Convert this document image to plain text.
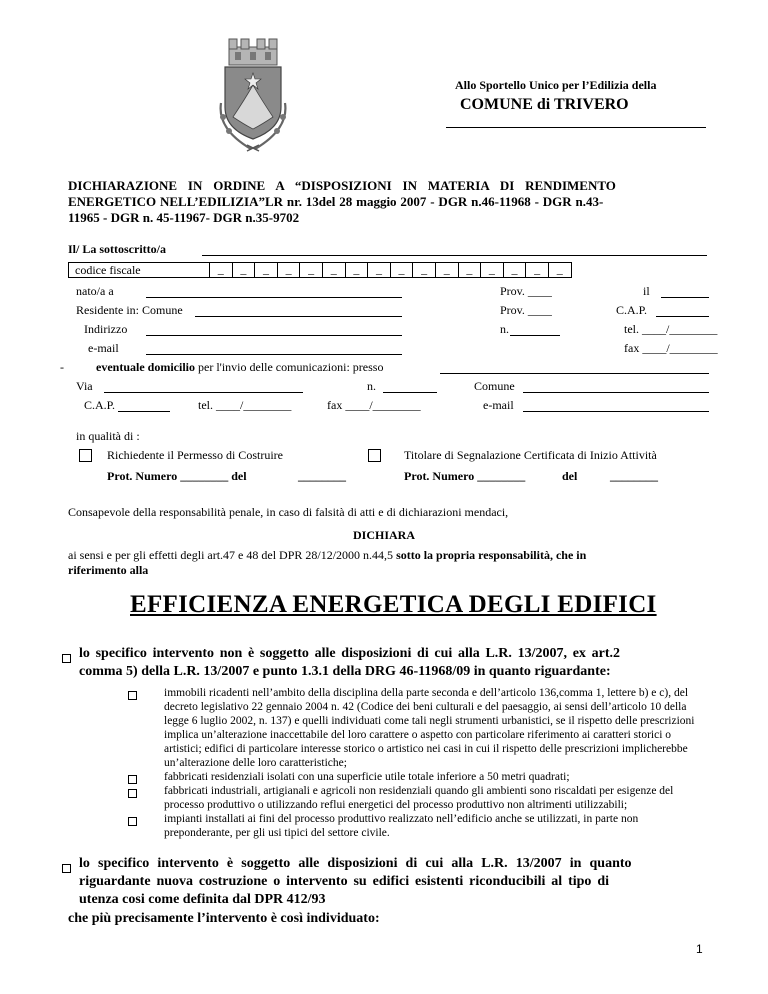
Allo Sportello Unico per l’Edilizia della
COMUNE di TRIVERO
DICHIARAZIONE IN ORDINE A “DISPOSIZIONI IN MATERIA DI RENDIMENTO
ENERGETICO NELL’EDILIZIA”LR nr. 13del 28 maggio 2007 - DGR n.46-11968 - DGR n.43-
11965 - DGR n. 45-11967- DGR n.35-9702
Il/ La sottoscritto/a
codice fiscale	_	_	_	_	_	_	_	_	_	_	_	_	_	_	_	_
nato/a a	Prov. ____	il
Residente in: Comune	Prov. ____	C.A.P.
Indirizzo	n.	tel. ____/________
e-mail	fax ____/________
-	eventuale domicilio per l'invio delle comunicazioni: presso
Via	n.	Comune
C.A.P.	tel. ____/________	fax ____/________	e-mail
in qualità di :
Richiedente il Permesso di Costruire	Titolare di Segnalazione Certificata di Inizio Attività
Prot. Numero ________ del	________	Prot. Numero ________	del	________
Consapevole della responsabilità penale, in caso di falsità di atti e di dichiarazioni mendaci,
DICHIARA
ai sensi e per gli effetti degli art.47 e 48 del DPR 28/12/2000 n.44,5 sotto la propria responsabilità, che in
riferimento alla
EFFICIENZA ENERGETICA DEGLI EDIFICI
lo specifico intervento non è soggetto alle disposizioni di cui alla L.R. 13/2007, ex art.2
comma 5) della L.R. 13/2007 e punto 1.3.1 della DRG 46-11968/09 in quanto riguardante:
immobili ricadenti nell’ambito della disciplina della parte seconda e dell’articolo 136,comma 1, lettere b) e c), del decreto legislativo 22 gennaio 2004 n. 42 (Codice dei beni culturali e del paesaggio, ai sensi dell’articolo 10 della legge 6 luglio 2002, n. 137) e quelli individuati come tali negli strumenti urbanistici, se il rispetto delle prescrizioni implica un’alterazione inaccettabile del loro carattere o aspetto con particolare riferimento ai caratteri storici o artistici; edifici di particolare interesse storico o artistico nei casi in cui il rispetto delle prescrizioni implicherebbe un’alterazione delle loro caratteristiche;
fabbricati residenziali isolati con una superficie utile totale inferiore a 50 metri quadrati;
fabbricati industriali, artigianali e agricoli non residenziali quando gli ambienti sono riscaldati per esigenze del processo produttivo o utilizzando reflui energetici del processo produttivo non altrimenti utilizzabili;
impianti installati ai fini del processo produttivo realizzato nell’edificio anche se utilizzati, in parte non preponderante, per gli usi tipici del settore civile.
lo specifico intervento è soggetto alle disposizioni di cui alla L.R. 13/2007 in quanto
riguardante nuova costruzione o intervento su edifici esistenti riconducibili al tipo di
utenza cosi come definita dal DPR 412/93
che più precisamente l’intervento è così individuato:
1
